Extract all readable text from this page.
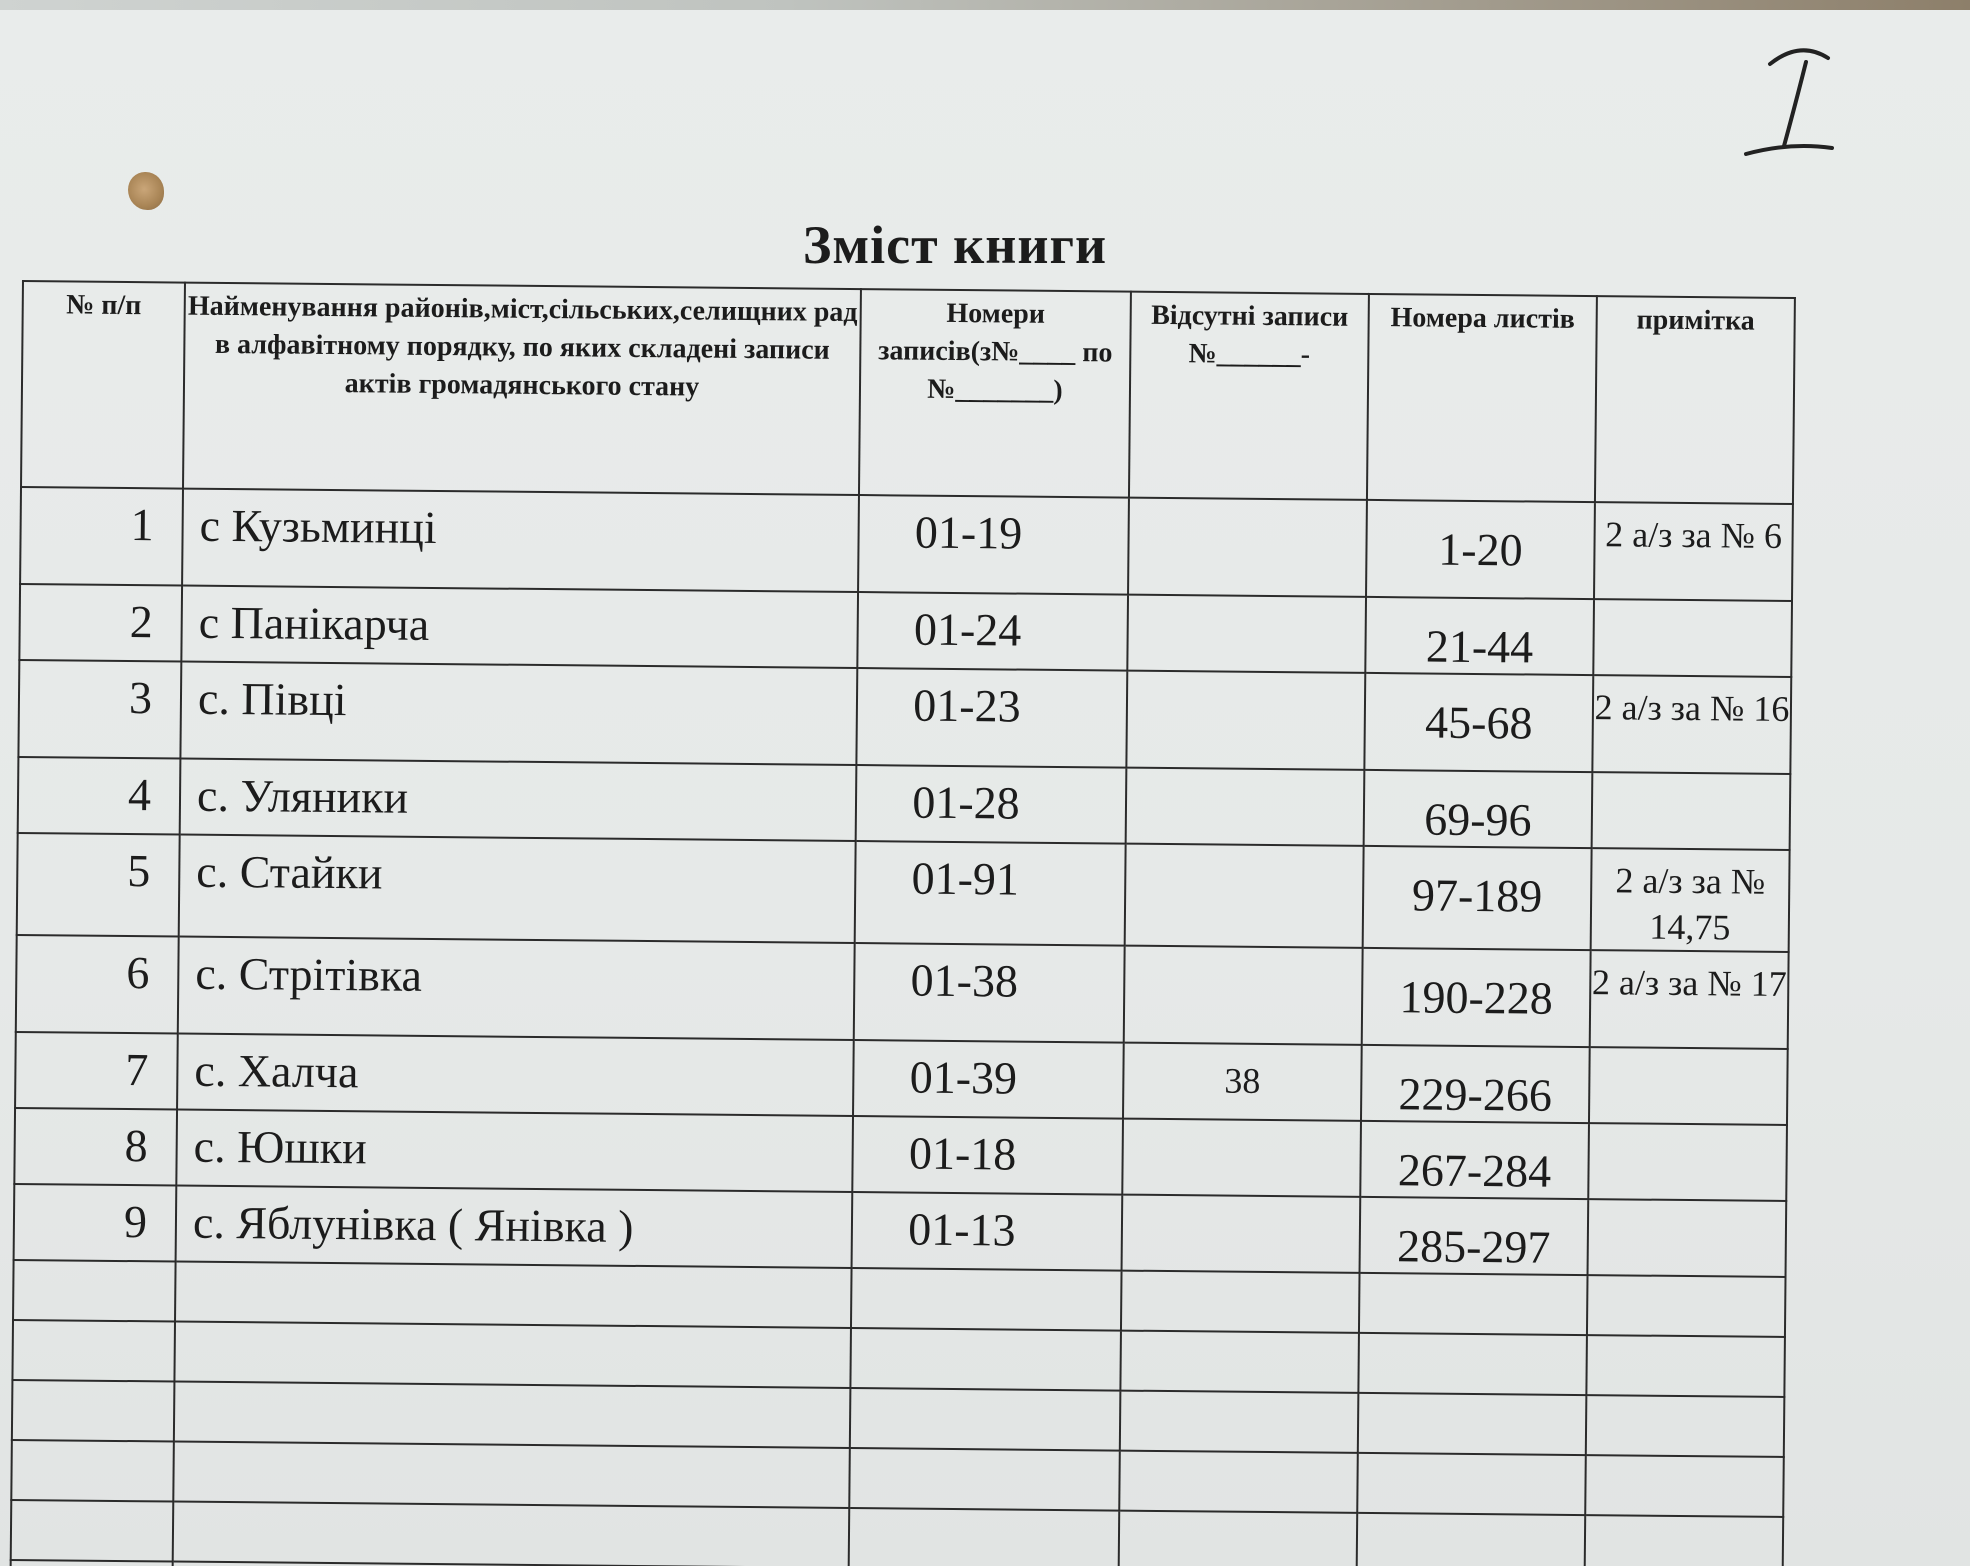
Зміст книги
№ п/п	Найменування районів,міст,сільських,селищних рад в алфавітному порядку, по яких складені записи актів громадянського стану	Номери записів(з№____ по №_______)	Відсутні записи №______-	Номера листів	примітка
1	с Кузьминці	01-19		1-20	2 а/з за № 6
2	с Панікарча	01-24		21-44	
3	с. Півці	01-23		45-68	2 а/з за № 16
4	с. Уляники	01-28		69-96	
5	с. Стайки	01-91		97-189	2 а/з за № 14,75
6	с. Стрітівка	01-38		190-228	2 а/з за № 17
7	с. Халча	01-39	38	229-266	
8	с. Юшки	01-18		267-284	
9	с. Яблунівка ( Янівка )	01-13		285-297	
